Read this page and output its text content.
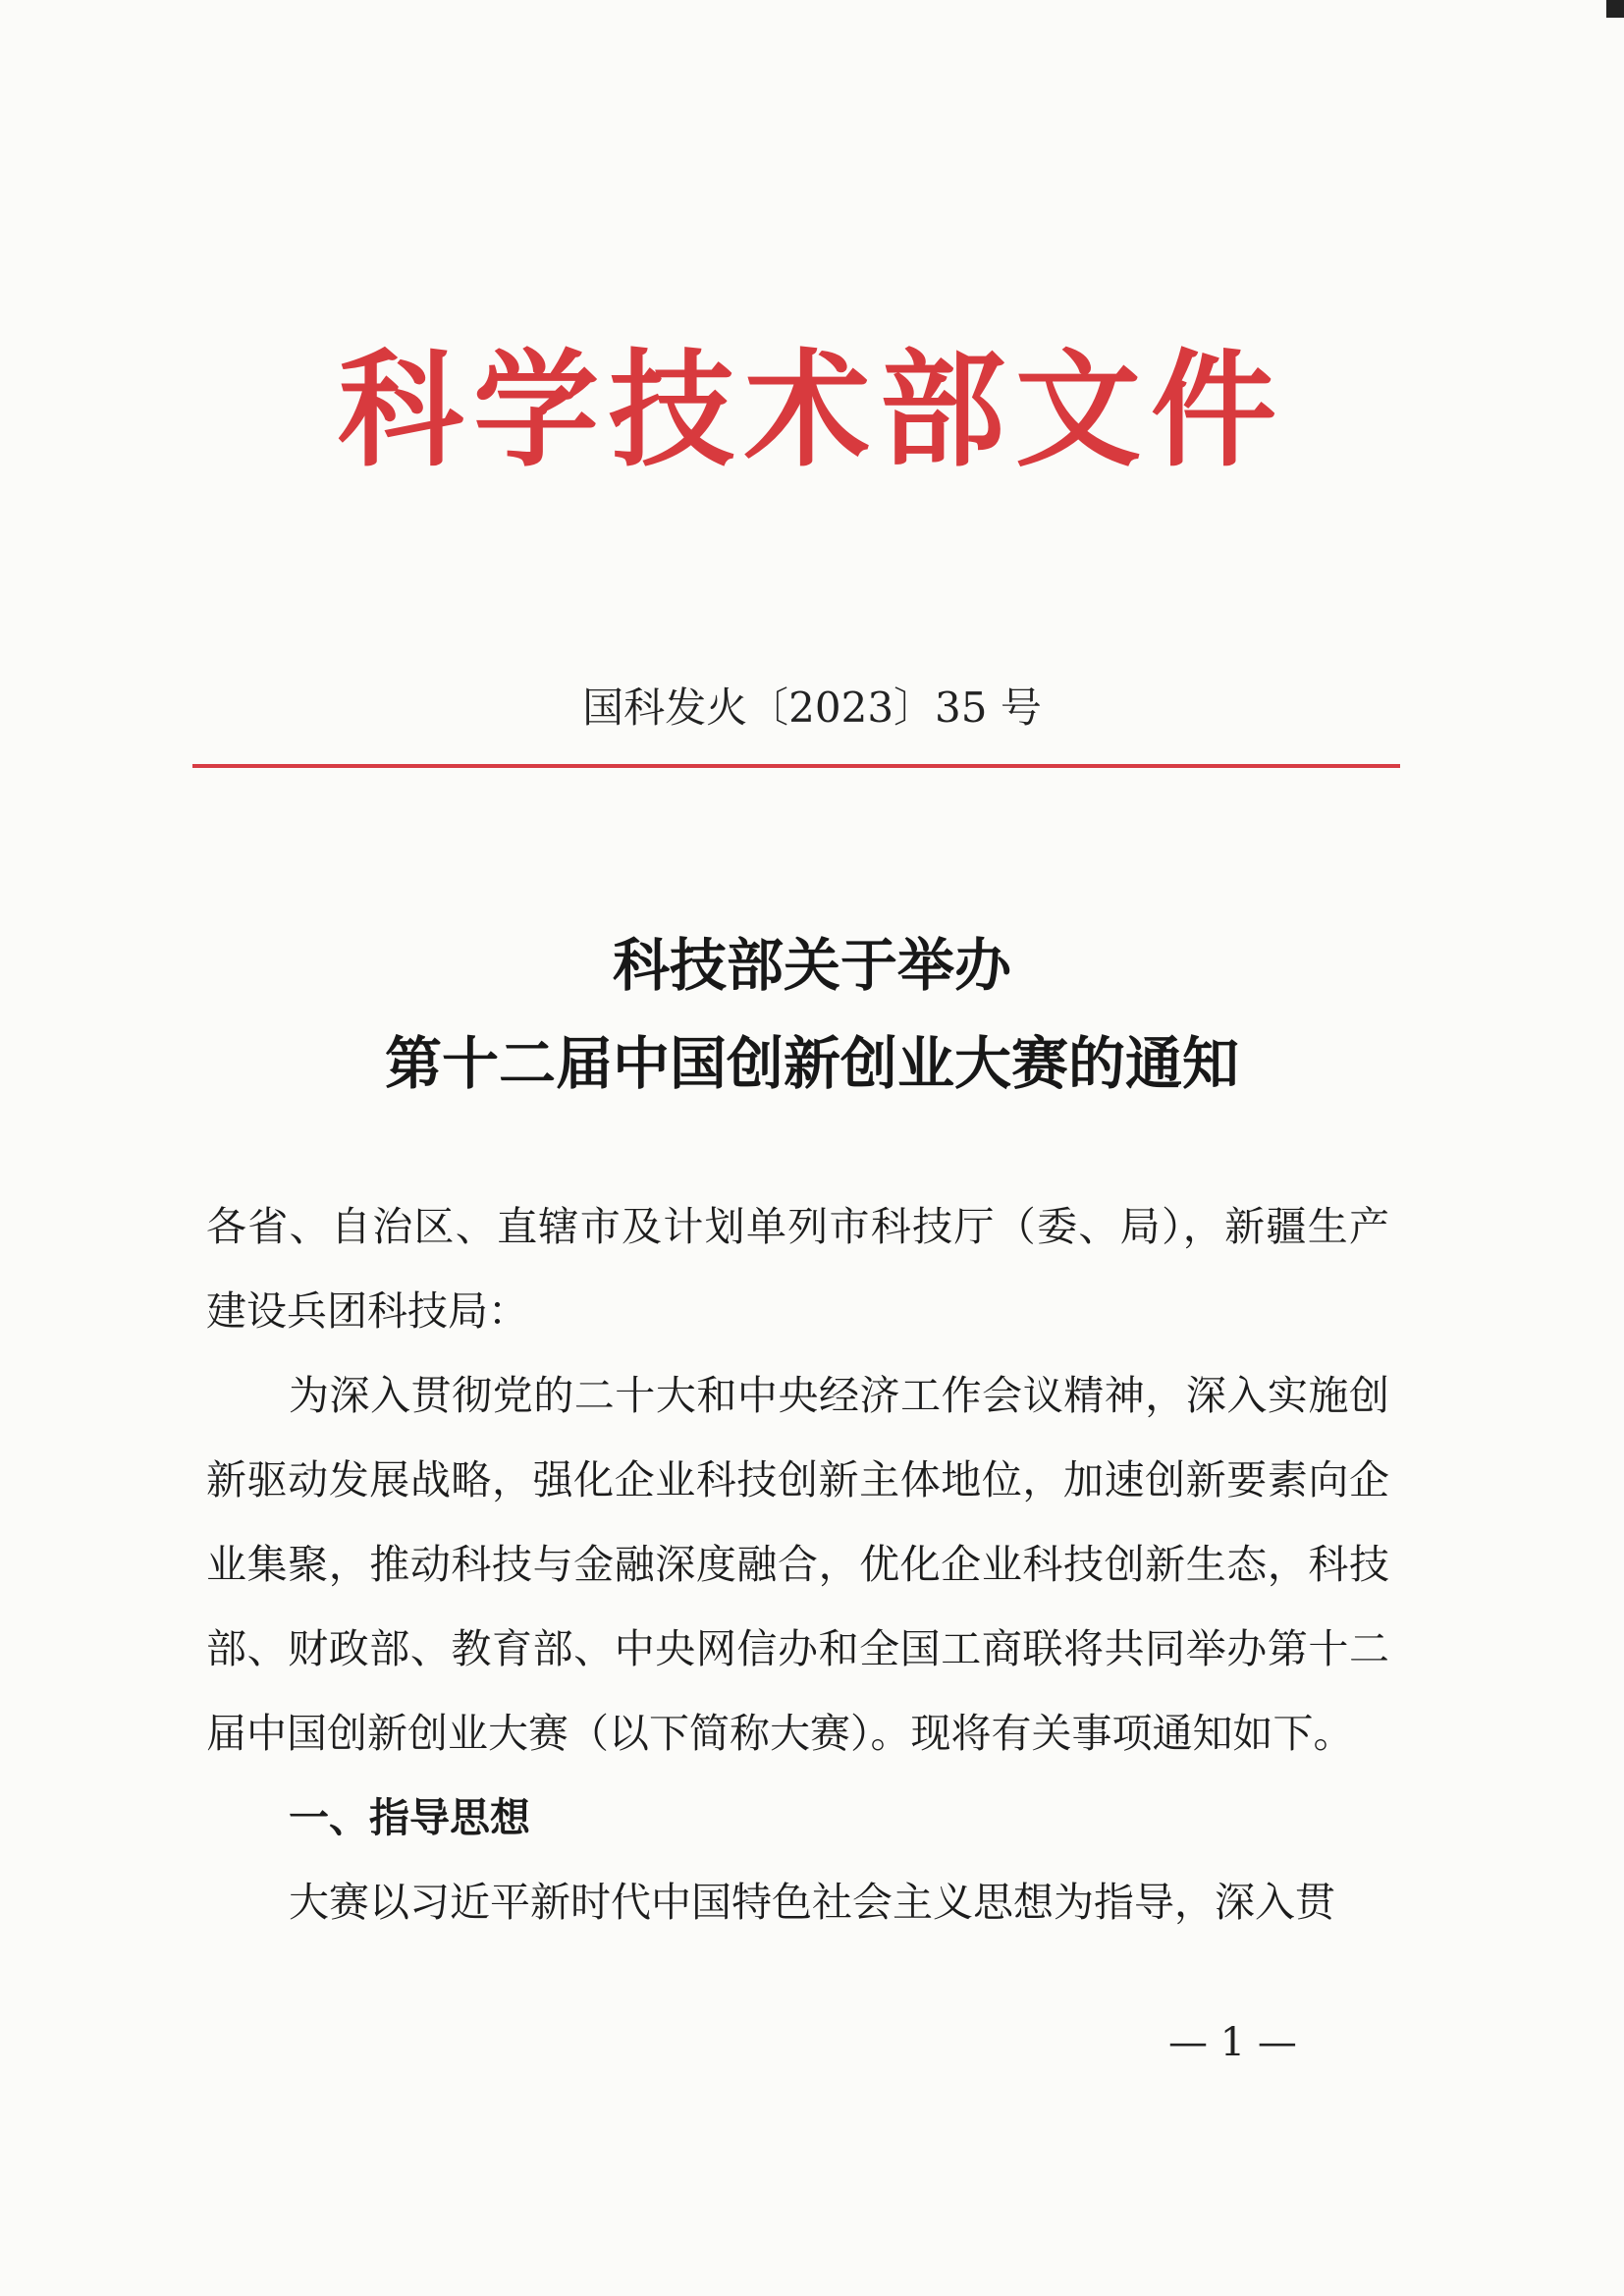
科学技术部文件
国科发火〔2023〕35 号
科技部关于举办
第十二届中国创新创业大赛的通知

各省、自治区、直辖市及计划单列市科技厅（委、局），新疆生产建设兵团科技局：

为深入贯彻党的二十大和中央经济工作会议精神，深入实施创新驱动发展战略，强化企业科技创新主体地位，加速创新要素向企业集聚，推动科技与金融深度融合，优化企业科技创新生态，科技部、财政部、教育部、中央网信办和全国工商联将共同举办第十二届中国创新创业大赛（以下简称大赛）。现将有关事项通知如下。

一、指导思想

大赛以习近平新时代中国特色社会主义思想为指导，深入贯

— 1 —
